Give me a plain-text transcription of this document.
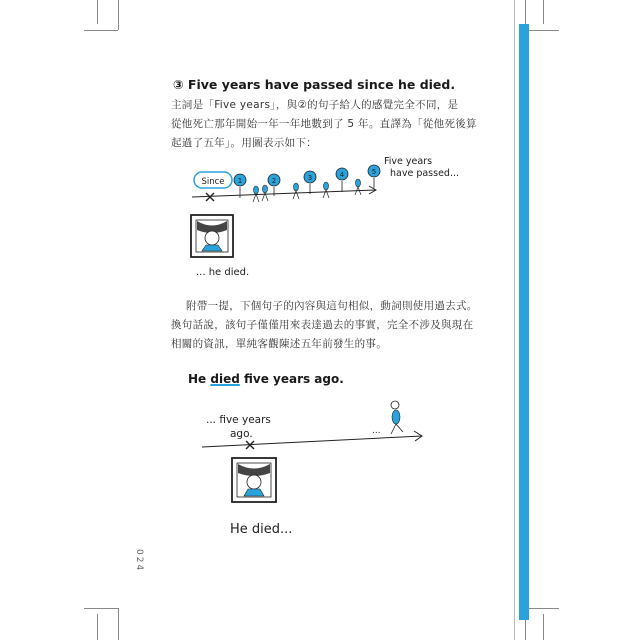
③ Five years have passed since he died.
主詞是「Five years」，與②的句子給人的感覺完全不同，是
從他死亡那年開始一年一年地數到了 5 年。直譯為「從他死後算
起過了五年」。用圖表示如下：
Since 1	2	3	4	5
Five years
have passed...
... he died.
附帶一提，下個句子的內容與這句相似，動詞則使用過去式。
換句話說，該句子僅僅用來表達過去的事實，完全不涉及與現在
相關的資訊，單純客觀陳述五年前發生的事。
He died five years ago.
... five years
ago.	...
He died...
024
